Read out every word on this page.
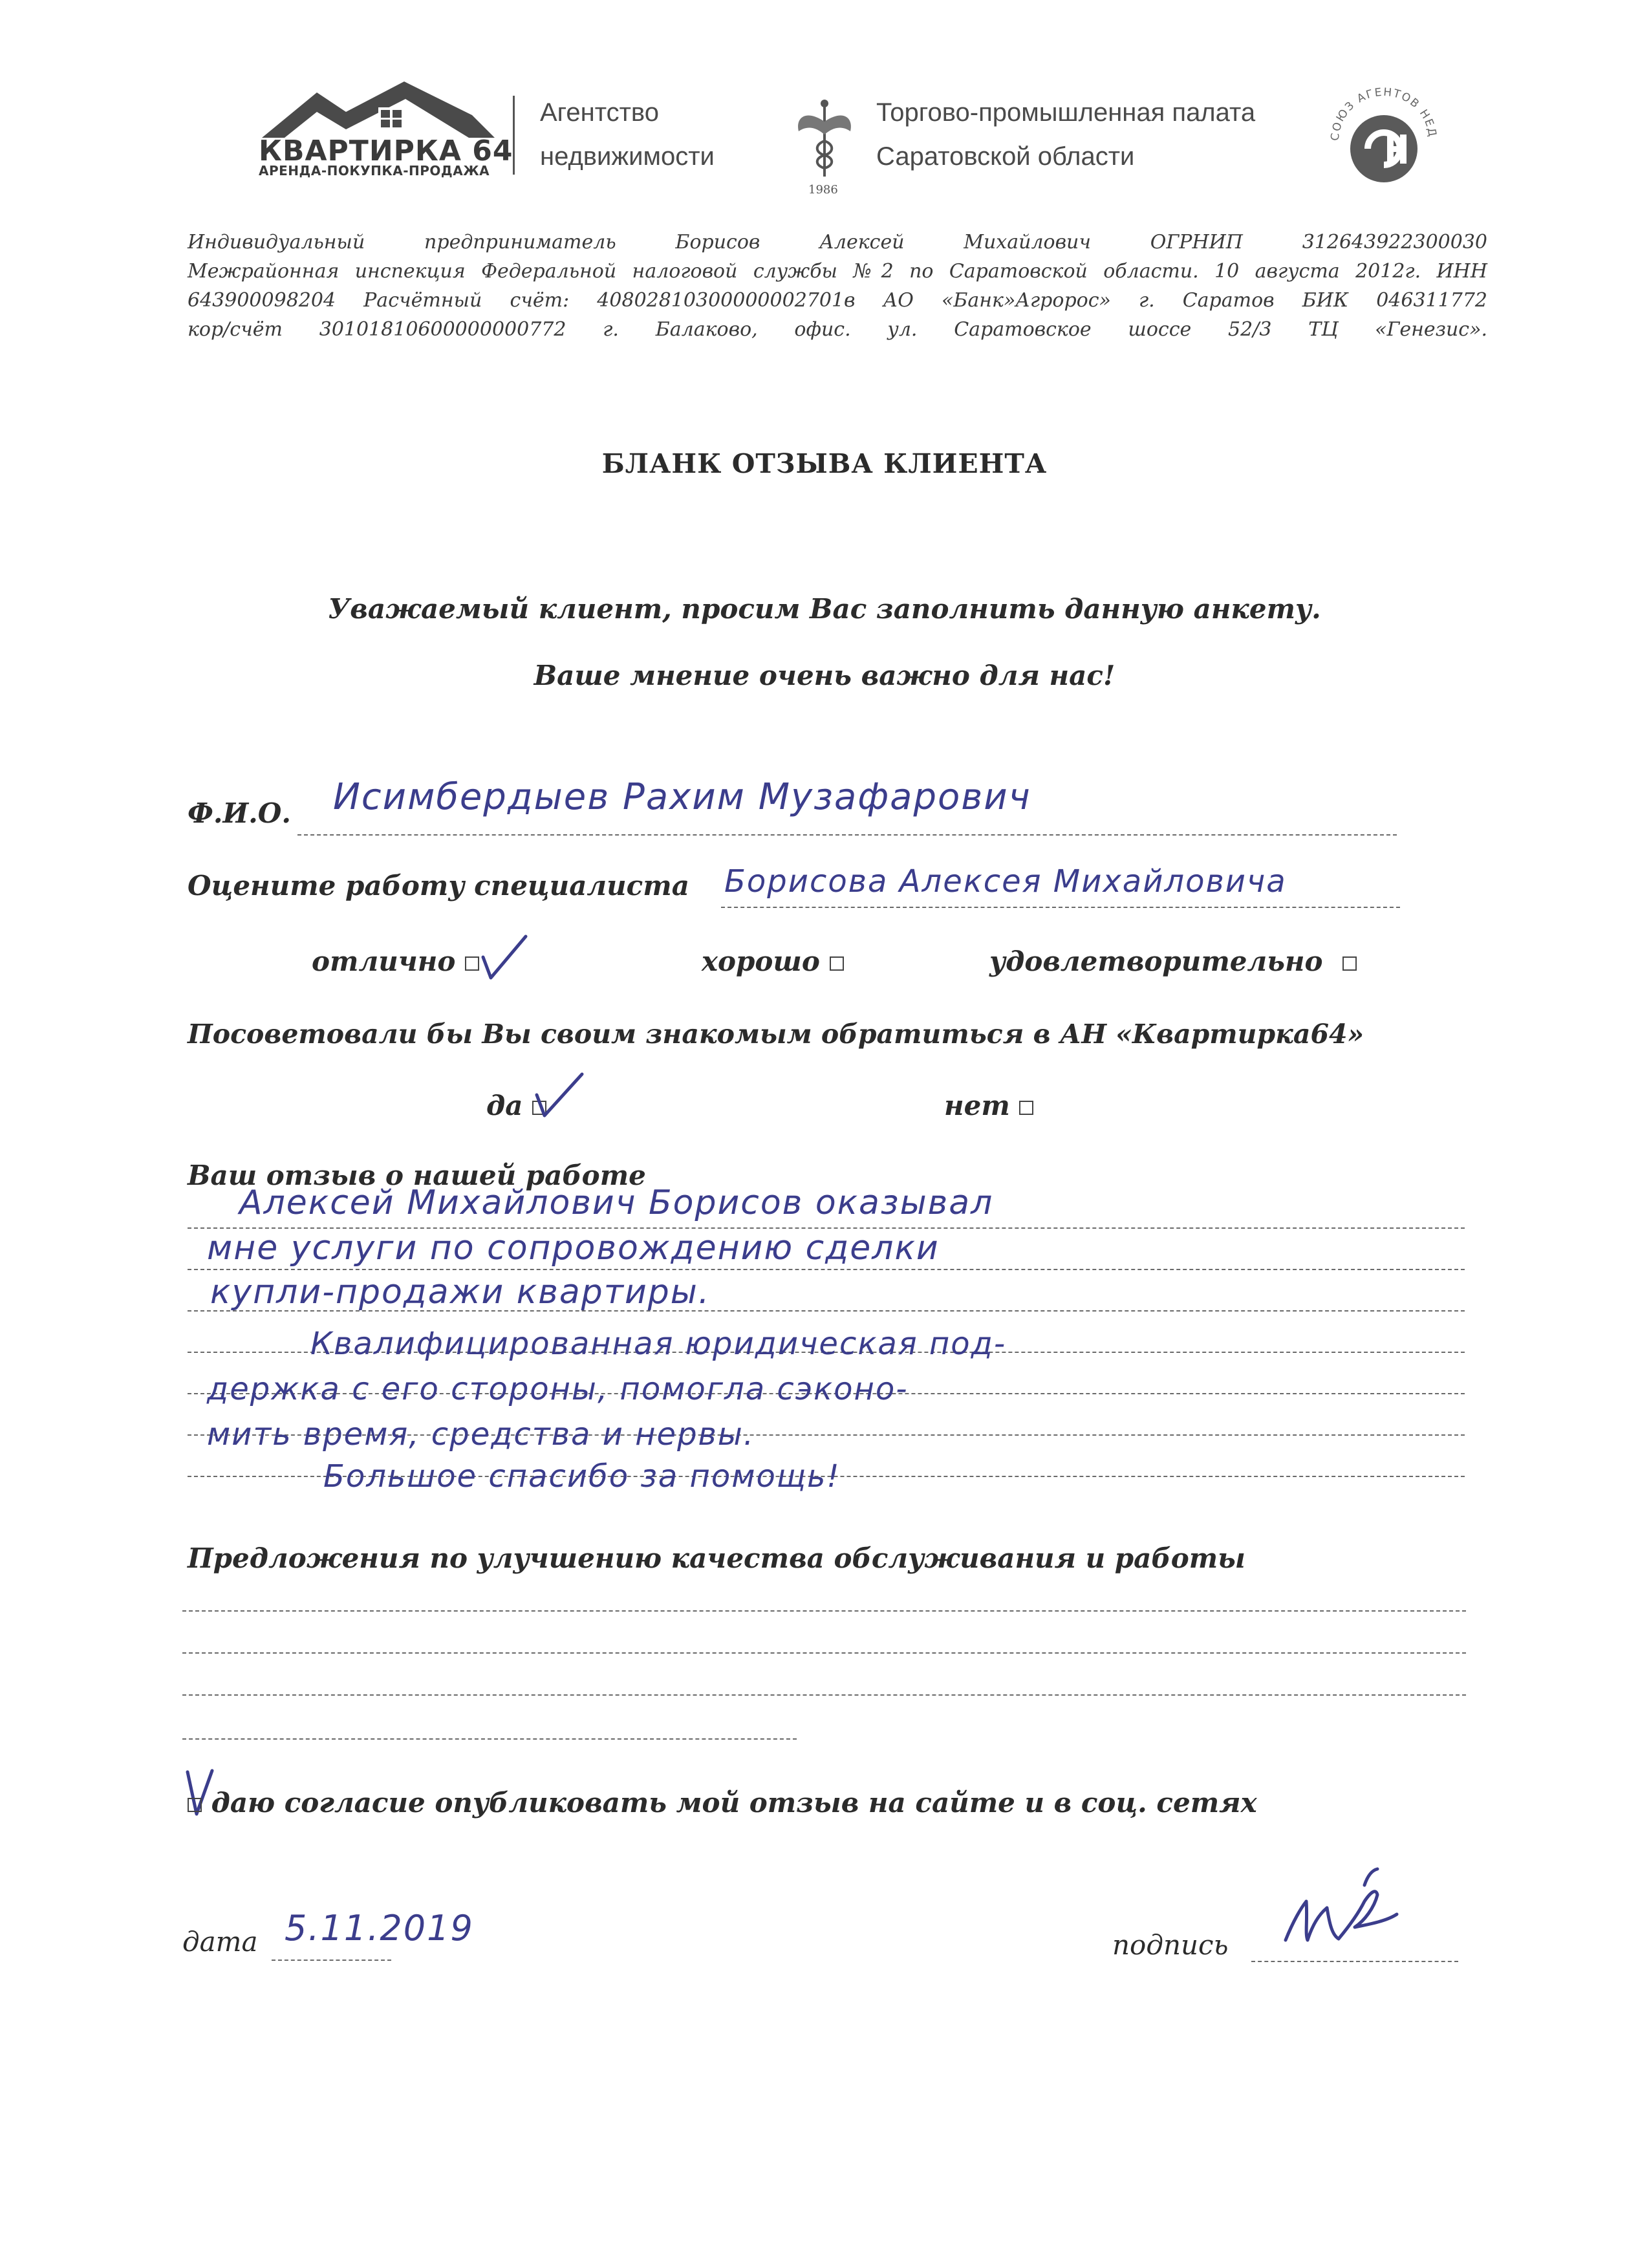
КВАРТИРКА 64
АРЕНДА-ПОКУПКА-ПРОДАЖА
Агентство
недвижимости
1986
Торгово-промышленная палата
Саратовской области
СОЮЗ АГЕНТОВ НЕД
Индивидуальный предприниматель Борисов Алексей Михайлович ОГРНИП 312643922300030
Межрайонная инспекция Федеральной налоговой службы №2 по Саратовской области. 10 августа 2012г. ИНН
643900098204 Расчётный счёт: 40802810300000002701в АО «Банк»Агророс» г. Саратов БИК 046311772
кор/счёт 30101810600000000772 г. Балаково, офис. ул. Саратовское шоссе 52/3 ТЦ «Генезис».
БЛАНК ОТЗЫВА КЛИЕНТА
Уважаемый клиент, просим Вас заполнить данную анкету.
Ваше мнение очень важно для нас!
Ф.И.О. Исимбердыев Рахим Музафарович
Оцените работу специалиста Борисова Алексея Михайловича
отлично	хорошо	удовлетворительно
Посоветовали бы Вы своим знакомым обратиться в АН «Квартирка64»
да	нет
Ваш отзыв о нашей работе
Алексей Михайлович Борисов оказывал
мне услуги по сопровождению сделки
купли-продажи квартиры.
Квалифицированная юридическая под-
держка с его стороны, помогла сэконо-
мить время, средства и нервы.
Большое спасибо за помощь!
Предложения по улучшению качества обслуживания и работы
даю согласие опубликовать мой отзыв на сайте и в соц. сетях
дата 5.11.2019	подпись
